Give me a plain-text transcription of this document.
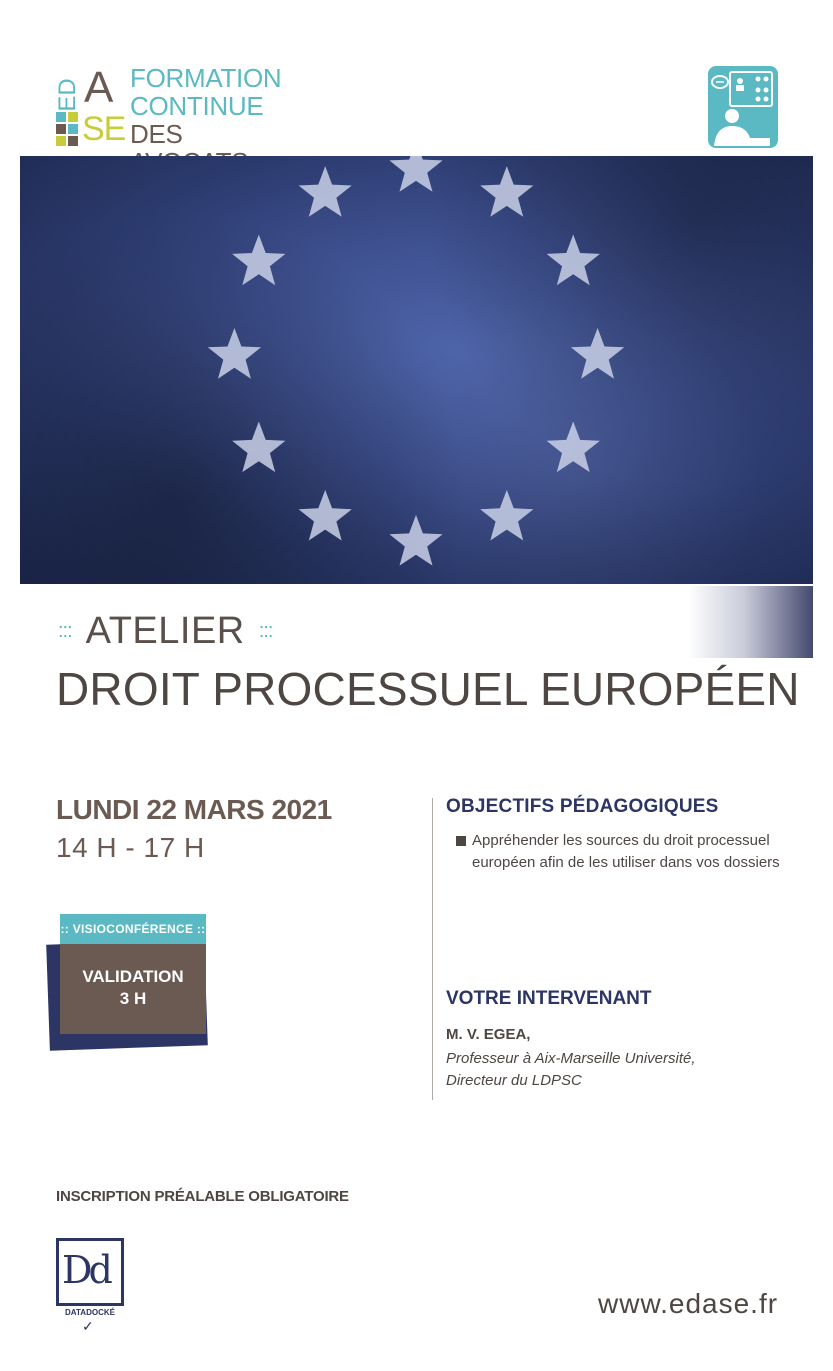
ED A
SE
FORMATION
CONTINUE
DES
::: ATELIER :::
DROIT PROCESSUEL EUROPÉEN
LUNDI 22 MARS 2021
14 H - 17 H
VALIDATION
3 H
:: VISIOCONFÉRENCE ::
OBJECTIFS PÉDAGOGIQUES
Appréhender les sources du droit processuel européen afin de les utiliser dans vos dossiers
VOTRE INTERVENANT
M. V. EGEA,
Professeur à Aix-Marseille Université,
Directeur du LDPSC
INSCRIPTION PRÉALABLE OBLIGATOIRE
Dd
DATADOCKÉ
✓
www.edase.fr
